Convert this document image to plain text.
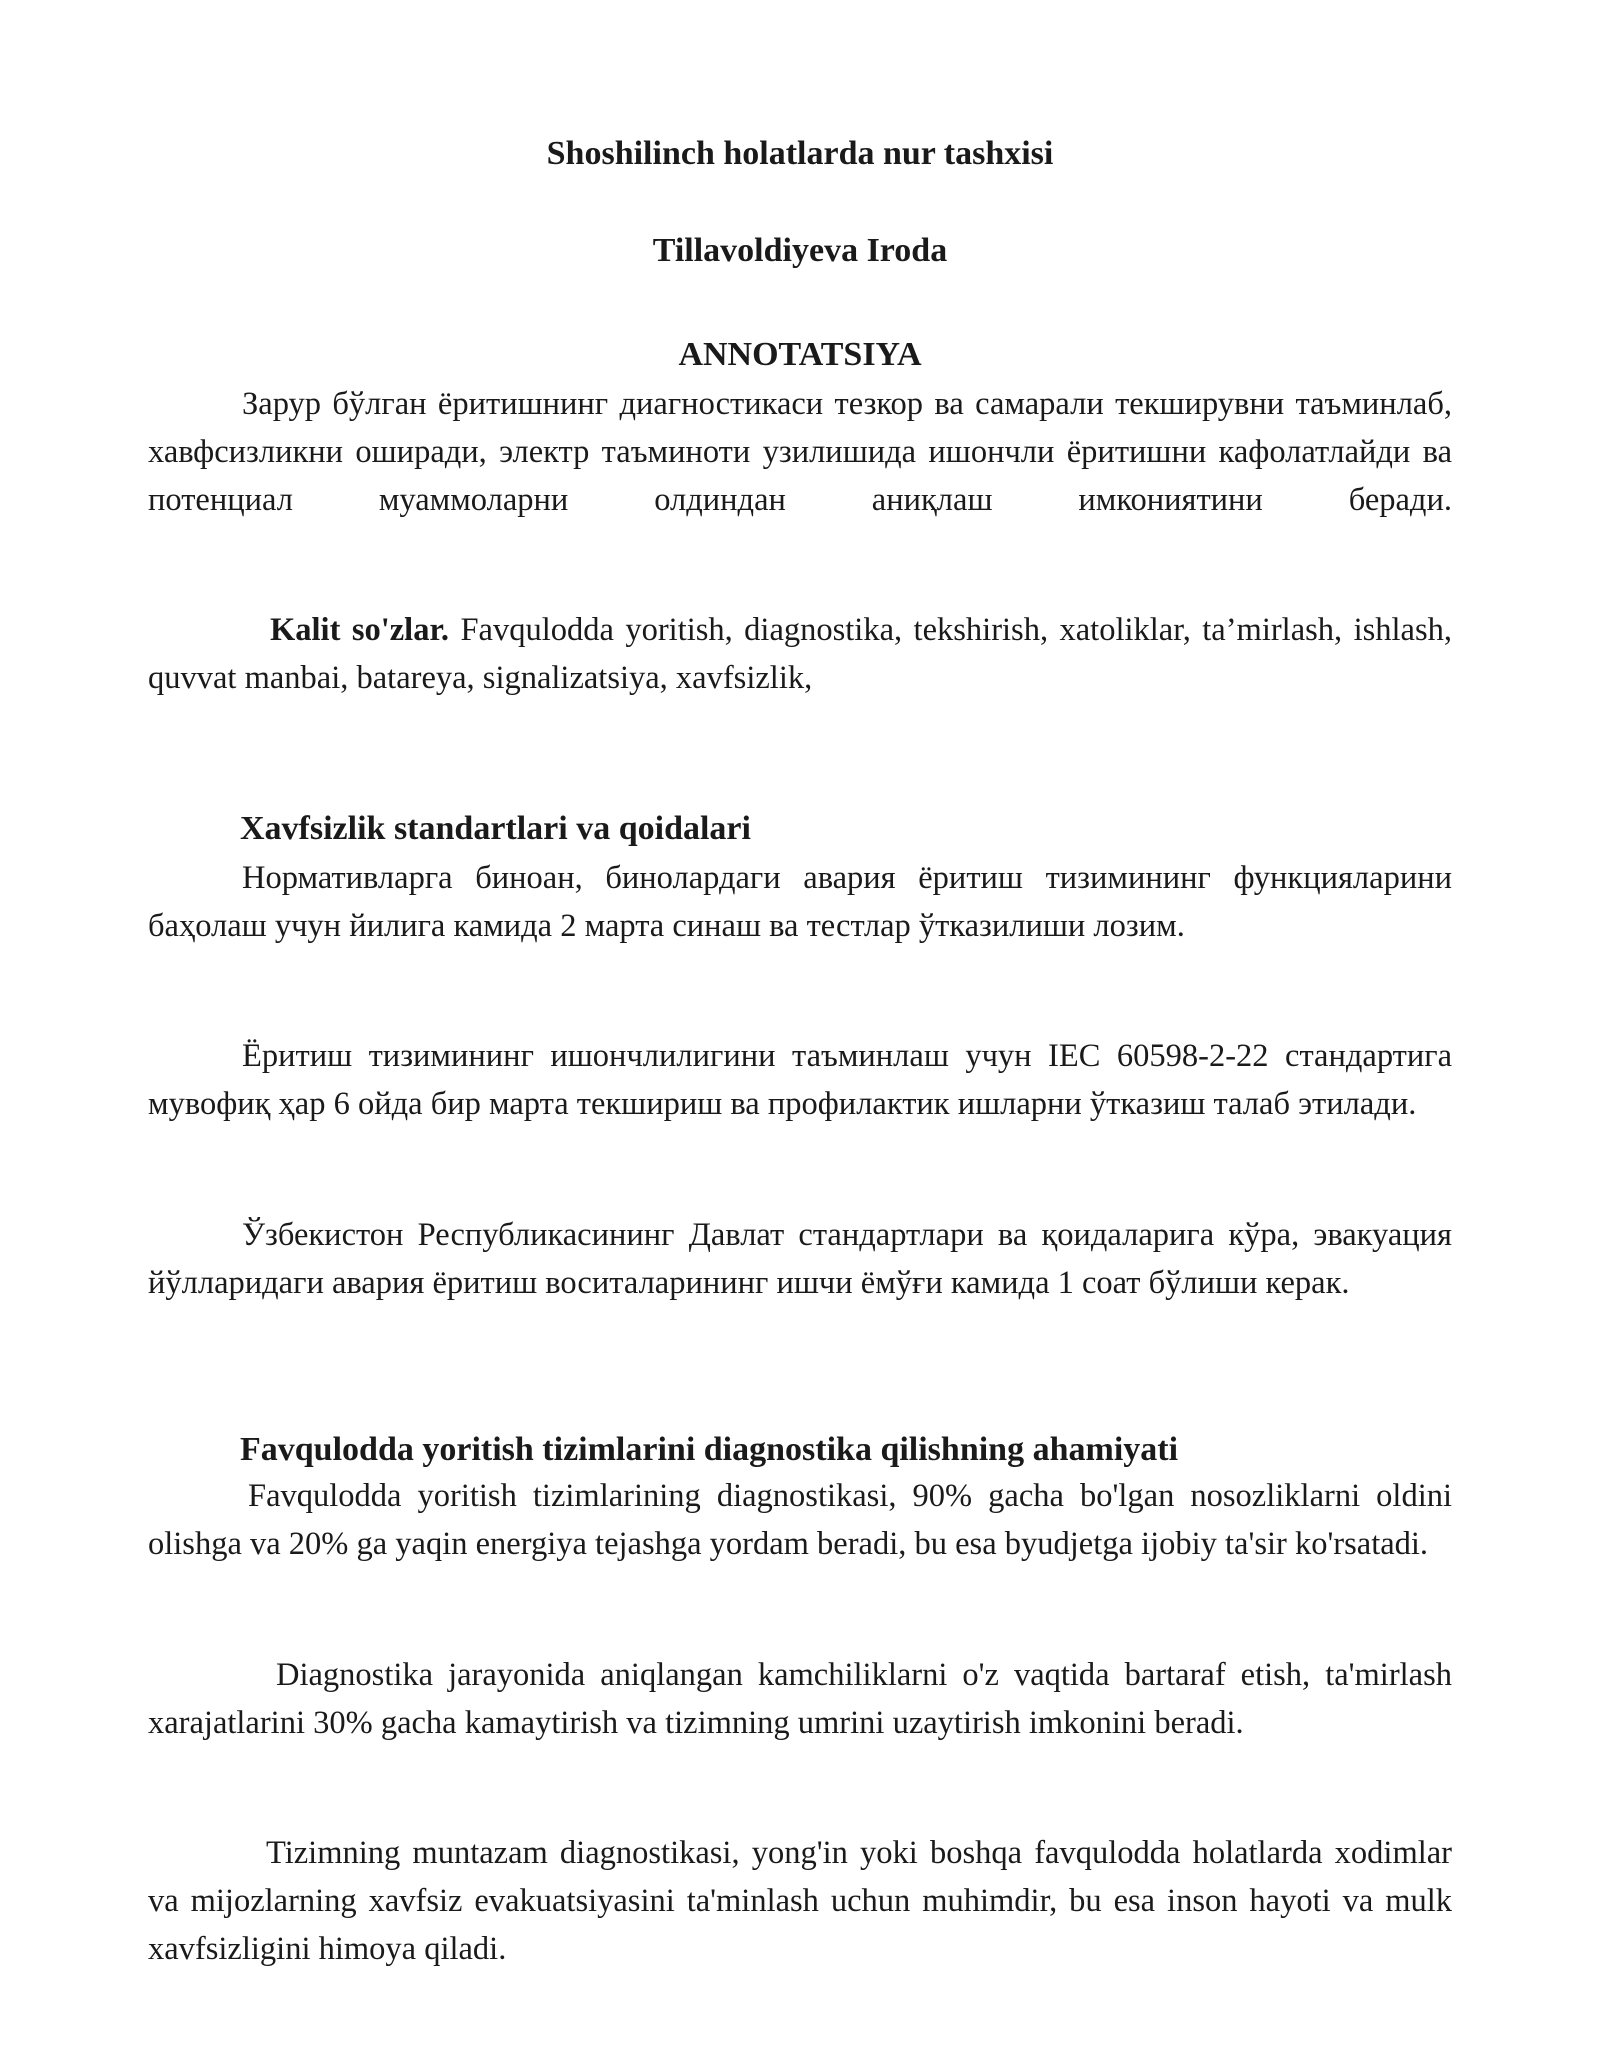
Shoshilinch holatlarda nur tashxisi

Tillavoldiyeva Iroda

ANNOTATSIYA

Зарур бўлган ёритишнинг диагностикаси тезкор ва самарали текширувни таъминлаб, хавфсизликни оширади, электр таъминоти узилишида ишончли ёритишни кафолатлайди ва потенциал муаммоларни олдиндан аниқлаш имкониятини беради.

Kalit so'zlar. Favqulodda yoritish, diagnostika, tekshirish, xatoliklar, ta’mirlash, ishlash, quvvat manbai, batareya, signalizatsiya, xavfsizlik,

Xavfsizlik standartlari va qoidalari

Нормативларга биноан, бинолардаги авария ёритиш тизимининг функцияларини баҳолаш учун йилига камида 2 марта синаш ва тестлар ўтказилиши лозим.

Ёритиш тизимининг ишончлилигини таъминлаш учун IEC 60598-2-22 стандартига мувофиқ ҳар 6 ойда бир марта текшириш ва профилактик ишларни ўтказиш талаб этилади.

Ўзбекистон Республикасининг Давлат стандартлари ва қоидаларига кўра, эвакуация йўлларидаги авария ёритиш воситаларининг ишчи ёмўғи камида 1 соат бўлиши керак.

Favqulodda yoritish tizimlarini diagnostika qilishning ahamiyati

Favqulodda yoritish tizimlarining diagnostikasi, 90% gacha bo'lgan nosozliklarni oldini olishga va 20% ga yaqin energiya tejashga yordam beradi, bu esa byudjetga ijobiy ta'sir ko'rsatadi.

Diagnostika jarayonida aniqlangan kamchiliklarni o'z vaqtida bartaraf etish, ta'mirlash xarajatlarini 30% gacha kamaytirish va tizimning umrini uzaytirish imkonini beradi.

Tizimning muntazam diagnostikasi, yong'in yoki boshqa favqulodda holatlarda xodimlar va mijozlarning xavfsiz evakuatsiyasini ta'minlash uchun muhimdir, bu esa inson hayoti va mulk xavfsizligini himoya qiladi.
